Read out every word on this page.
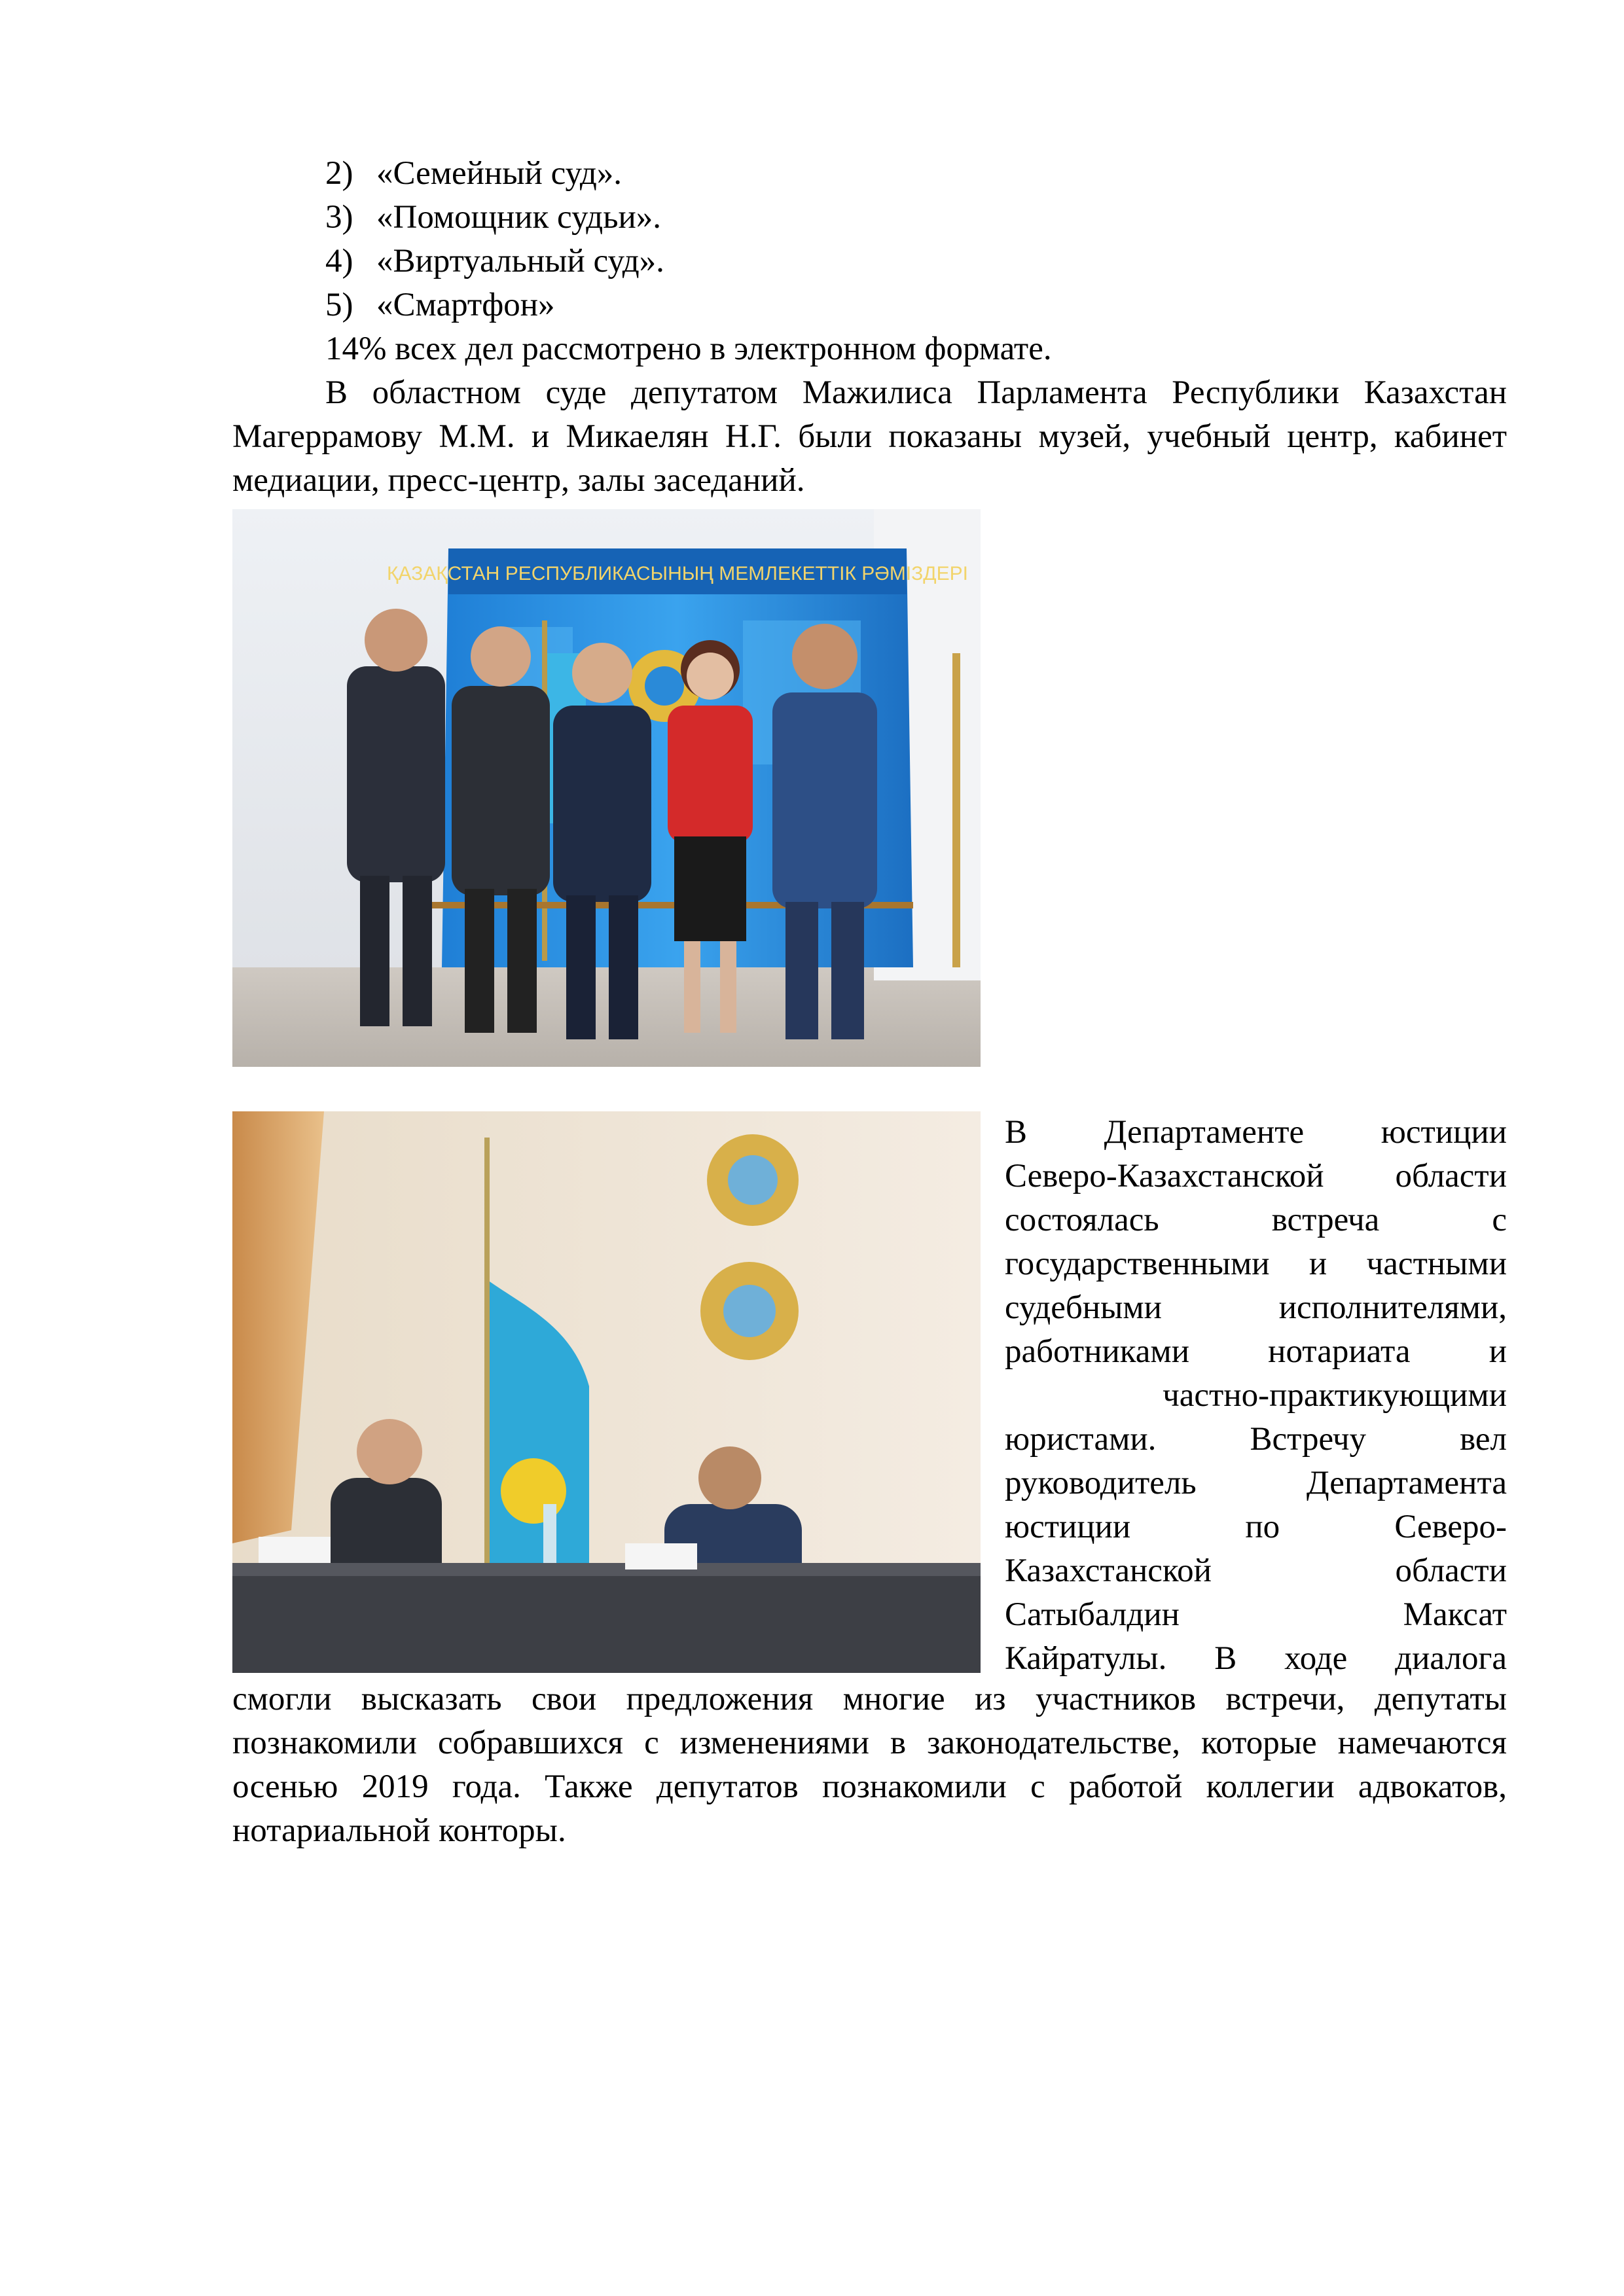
2) «Семейный суд».
3) «Помощник судьи».
4) «Виртуальный суд».
5) «Смартфон»

14% всех дел рассмотрено в электронном формате.

В областном суде депутатом Мажилиса Парламента Республики Казахстан Магеррамову М.М. и Микаелян Н.Г. были показаны музей, учебный центр, кабинет медиации, пресс-центр, залы заседаний.

ҚАЗАҚСТАН РЕСПУБЛИКАСЫНЫҢ МЕМЛЕКЕТТІК РӘМІЗДЕРІ

В Департаменте юстиции

Северо-Казахстанской области

состоялась встреча с

государственными и частными

судебными исполнителями,

работниками нотариата и

частно-практикующими

юристами. Встречу вел

руководитель Департамента

юстиции по Северо-

Казахстанской области

Сатыбалдин Максат

Кайратулы. В ходе диалога

смогли высказать свои предложения многие из участников встречи, депутаты познакомили собравшихся с изменениями в законодательстве, которые намечаются осенью 2019 года. Также депутатов познакомили с работой коллегии адвокатов, нотариальной конторы.
